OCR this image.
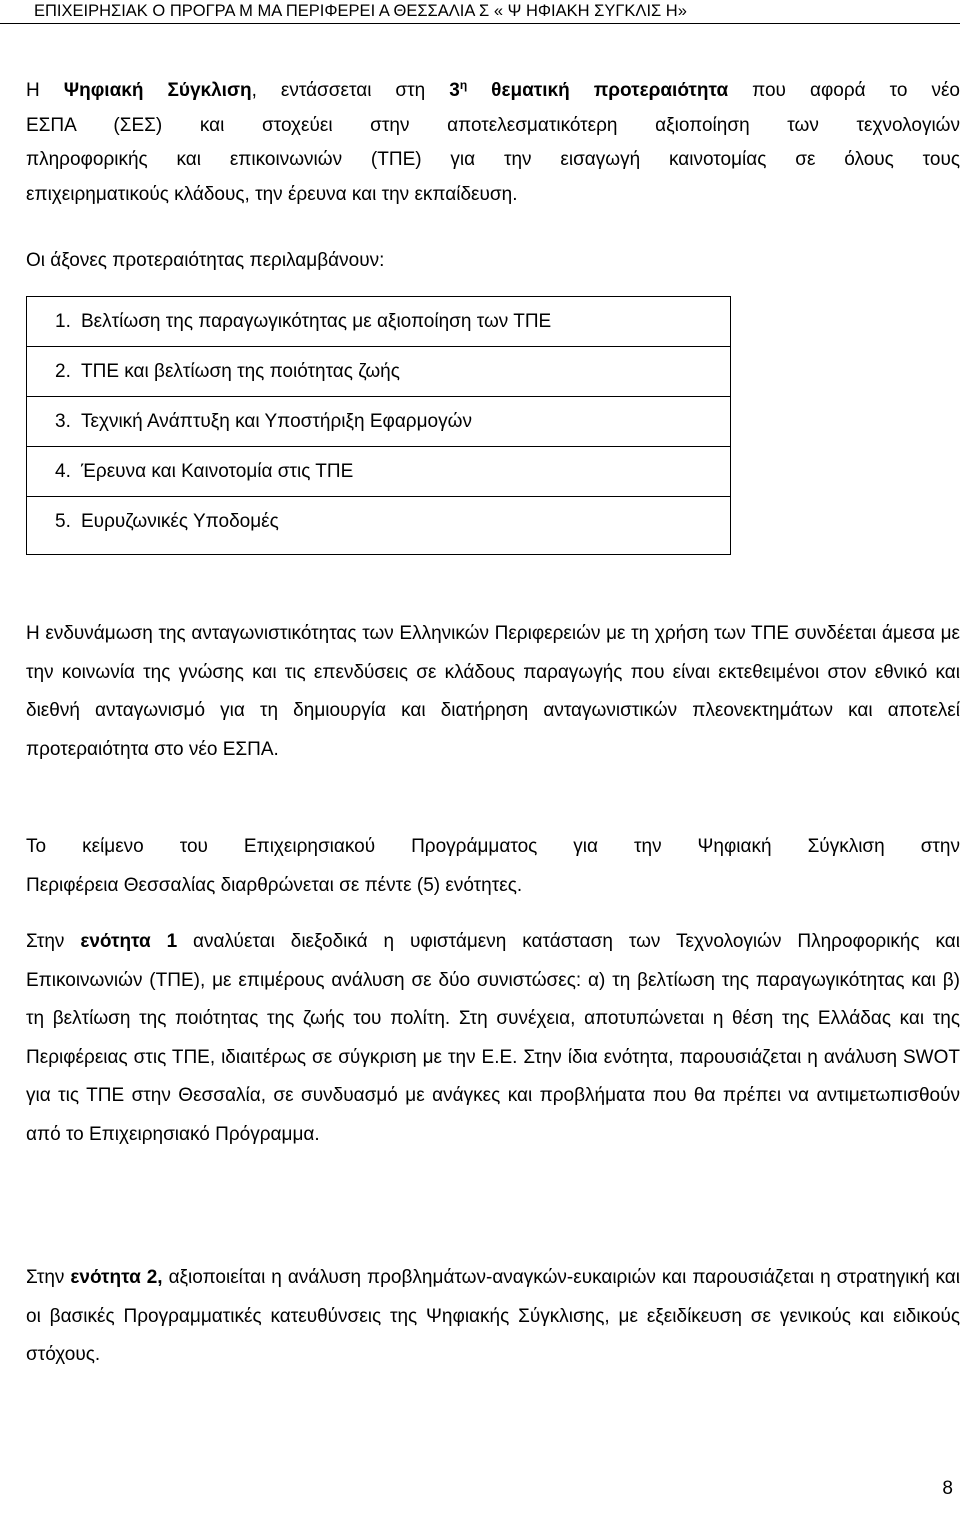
ΕΠΙΧΕΙΡΗΣΙΑΚ Ο ΠΡΟΓΡΑ Μ ΜΑ ΠΕΡΙΦΕΡΕΙ Α ΘΕΣΣΑΛΙΑ Σ « Ψ ΗΦΙΑΚΗ ΣΥΓΚΛΙΣ Η»
Η Ψηφιακή Σύγκλιση, εντάσσεται στη $3^\eta$ θεματική προτεραιότητα που αφορά το νέο
ΕΣΠΑ (ΣΕΣ) και στοχεύει στην αποτελεσματικότερη αξιοποίηση των τεχνολογιών
πληροφορικής και επικοινωνιών (ΤΠΕ) για την εισαγωγή καινοτομίας σε όλους τους
επιχειρηματικούς κλάδους, την έρευνα και την εκπαίδευση.
Οι άξονες προτεραιότητας περιλαμβάνουν:
1. Βελτίωση της παραγωγικότητας με αξιοποίηση των ΤΠΕ
2. ΤΠΕ και βελτίωση της ποιότητας ζωής
3. Τεχνική Ανάπτυξη και Υποστήριξη Εφαρμογών
4. Έρευνα και Καινοτομία στις ΤΠΕ
5. Ευρυζωνικές Υποδομές
Η ενδυνάμωση της ανταγωνιστικότητας των Ελληνικών Περιφερειών με τη χρήση των ΤΠΕ συνδέεται άμεσα με την κοινωνία της γνώσης και τις επενδύσεις σε κλάδους παραγωγής που είναι εκτεθειμένοι στον εθνικό και διεθνή ανταγωνισμό για τη δημιουργία και διατήρηση ανταγωνιστικών πλεονεκτημάτων και αποτελεί προτεραιότητα στο νέο ΕΣΠΑ.
Το κείμενο του Επιχειρησιακού Προγράμματος για την Ψηφιακή Σύγκλιση στην
Περιφέρεια Θεσσαλίας διαρθρώνεται σε πέντε (5) ενότητες.
Στην ενότητα 1 αναλύεται διεξοδικά η υφιστάμενη κατάσταση των Τεχνολογιών Πληροφορικής και Επικοινωνιών (ΤΠΕ), με επιμέρους ανάλυση σε δύο συνιστώσες: α) τη βελτίωση της παραγωγικότητας και β) τη βελτίωση της ποιότητας της ζωής του πολίτη. Στη συνέχεια, αποτυπώνεται η θέση της Ελλάδας και της Περιφέρειας στις ΤΠΕ, ιδιαιτέρως σε σύγκριση με την Ε.Ε. Στην ίδια ενότητα, παρουσιάζεται η ανάλυση SWOT για τις ΤΠΕ στην Θεσσαλία, σε συνδυασμό με ανάγκες και προβλήματα που θα πρέπει να αντιμετωπισθούν από το Επιχειρησιακό Πρόγραμμα.
Στην ενότητα 2, αξιοποιείται η ανάλυση προβλημάτων-αναγκών-ευκαιριών και παρουσιάζεται η στρατηγική και οι βασικές Προγραμματικές κατευθύνσεις της Ψηφιακής Σύγκλισης, με εξειδίκευση σε γενικούς και ειδικούς στόχους.
8
